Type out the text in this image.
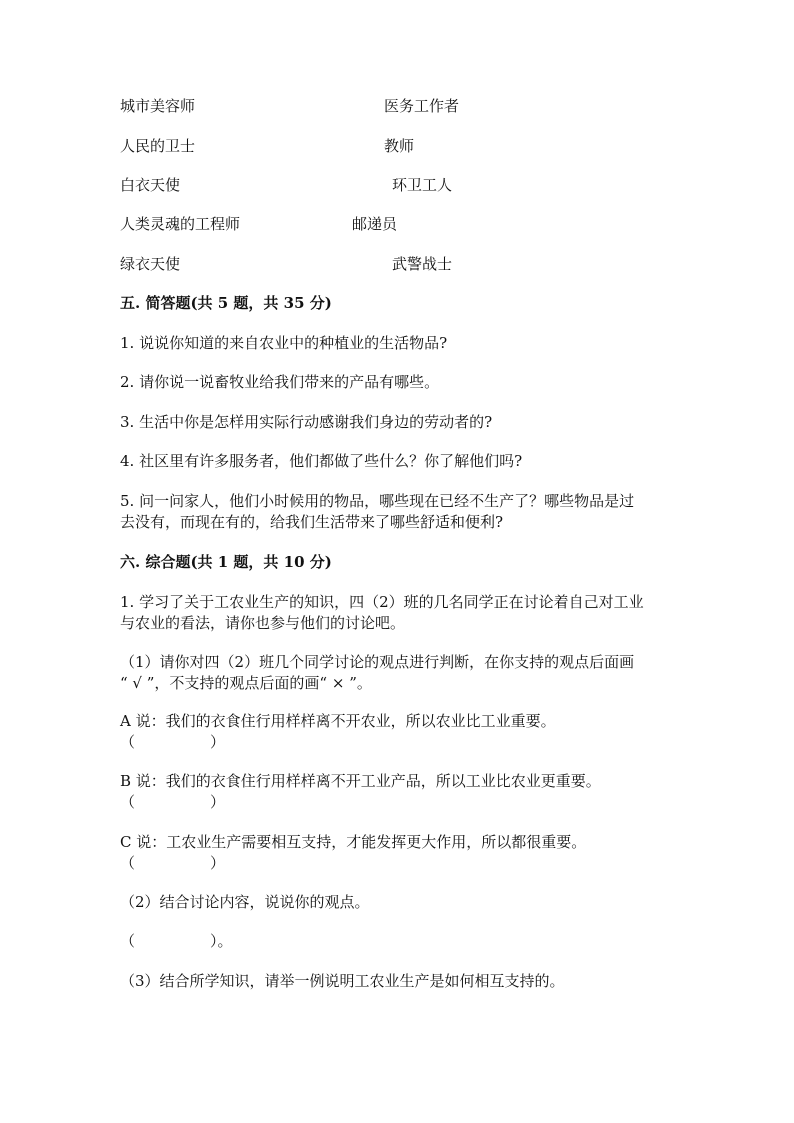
城市美容师	医务工作者
人民的卫士	教师
白衣天使	环卫工人
人类灵魂的工程师	邮递员
绿衣天使	武警战士
五. 简答题(共 5 题，共 35 分)
1. 说说你知道的来自农业中的种植业的生活物品?
2. 请你说一说畜牧业给我们带来的产品有哪些。
3. 生活中你是怎样用实际行动感谢我们身边的劳动者的?
4. 社区里有许多服务者，他们都做了些什么？你了解他们吗?
5. 问一问家人，他们小时候用的物品，哪些现在已经不生产了？哪些物品是过
去没有，而现在有的，给我们生活带来了哪些舒适和便利?
六. 综合题(共 1 题，共 10 分)
1. 学习了关于工农业生产的知识，四（2）班的几名同学正在讨论着自己对工业
与农业的看法，请你也参与他们的讨论吧。
（1）请你对四（2）班几个同学讨论的观点进行判断，在你支持的观点后面画
“ √ ”，不支持的观点后面的画“ × ”。
A 说：我们的衣食住行用样样离不开农业，所以农业比工业重要。
（　　　　　）
B 说：我们的衣食住行用样样离不开工业产品，所以工业比农业更重要。
（　　　　　）
C 说：工农业生产需要相互支持，才能发挥更大作用，所以都很重要。
（　　　　　）
（2）结合讨论内容，说说你的观点。
（　　　　　）。
（3）结合所学知识，请举一例说明工农业生产是如何相互支持的。
